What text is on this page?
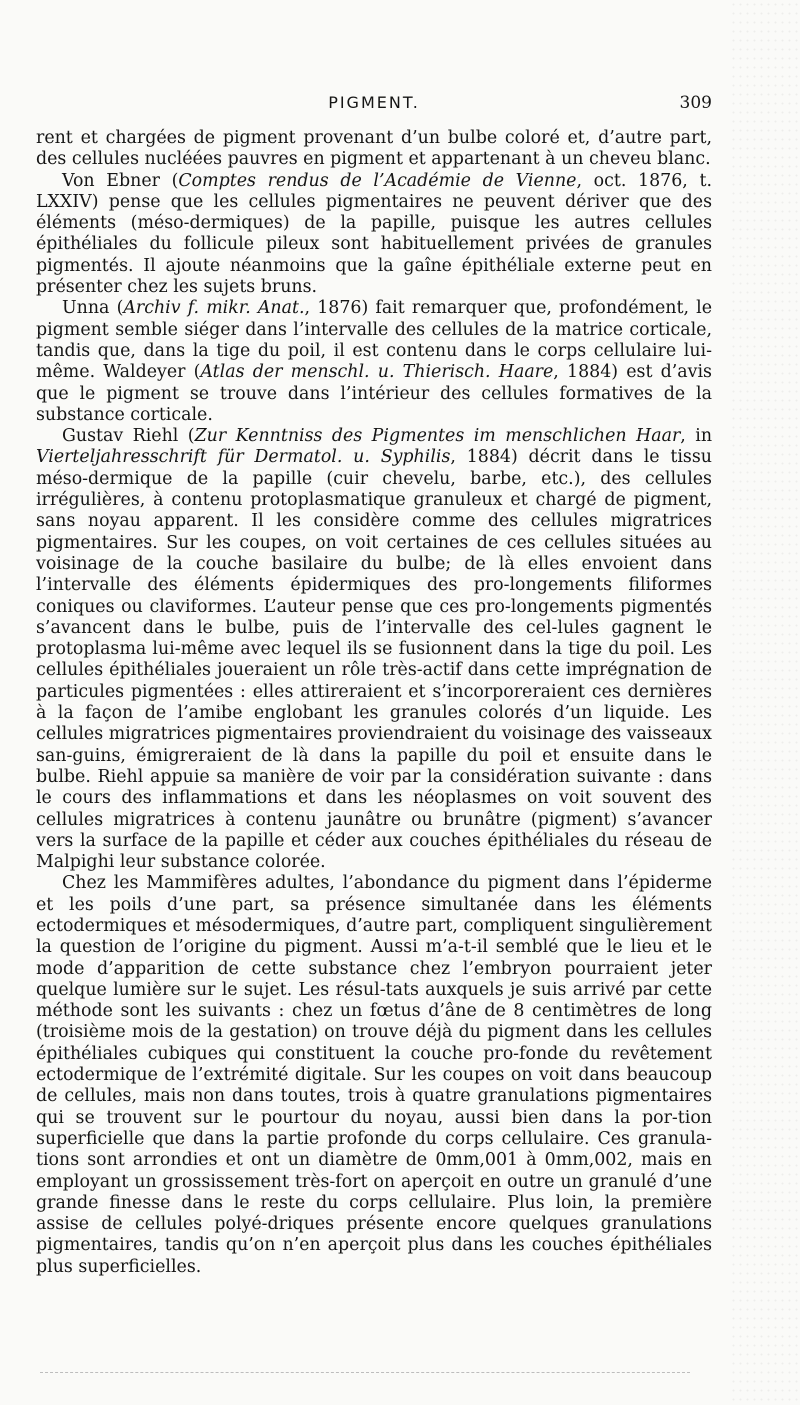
PIGMENT.	309

rent et chargées de pigment provenant d’un bulbe coloré et, d’autre part, des cellules nucléées pauvres en pigment et appartenant à un cheveu blanc.

Von Ebner (Comptes rendus de l’Académie de Vienne, oct. 1876, t. LXXIV) pense que les cellules pigmentaires ne peuvent dériver que des éléments (méso-dermiques) de la papille, puisque les autres cellules épithéliales du follicule pileux sont habituellement privées de granules pigmentés. Il ajoute néanmoins que la gaîne épithéliale externe peut en présenter chez les sujets bruns.

Unna (Archiv f. mikr. Anat., 1876) fait remarquer que, profondément, le pigment semble siéger dans l’intervalle des cellules de la matrice corticale, tandis que, dans la tige du poil, il est contenu dans le corps cellulaire lui-même. Waldeyer (Atlas der menschl. u. Thierisch. Haare, 1884) est d’avis que le pigment se trouve dans l’intérieur des cellules formatives de la substance corticale.

Gustav Riehl (Zur Kenntniss des Pigmentes im menschlichen Haar, in Vierteljahresschrift für Dermatol. u. Syphilis, 1884) décrit dans le tissu méso-dermique de la papille (cuir chevelu, barbe, etc.), des cellules irrégulières, à contenu protoplasmatique granuleux et chargé de pigment, sans noyau apparent. Il les considère comme des cellules migratrices pigmentaires. Sur les coupes, on voit certaines de ces cellules situées au voisinage de la couche basilaire du bulbe; de là elles envoient dans l’intervalle des éléments épidermiques des pro-longements filiformes coniques ou claviformes. L’auteur pense que ces pro-longements pigmentés s’avancent dans le bulbe, puis de l’intervalle des cel-lules gagnent le protoplasma lui-même avec lequel ils se fusionnent dans la tige du poil. Les cellules épithéliales joueraient un rôle très-actif dans cette imprégnation de particules pigmentées : elles attireraient et s’incorporeraient ces dernières à la façon de l’amibe englobant les granules colorés d’un liquide. Les cellules migratrices pigmentaires proviendraient du voisinage des vaisseaux san-guins, émigreraient de là dans la papille du poil et ensuite dans le bulbe. Riehl appuie sa manière de voir par la considération suivante : dans le cours des inflammations et dans les néoplasmes on voit souvent des cellules migratrices à contenu jaunâtre ou brunâtre (pigment) s’avancer vers la surface de la papille et céder aux couches épithéliales du réseau de Malpighi leur substance colorée.

Chez les Mammifères adultes, l’abondance du pigment dans l’épiderme et les poils d’une part, sa présence simultanée dans les éléments ectodermiques et mésodermiques, d’autre part, compliquent singulièrement la question de l’origine du pigment. Aussi m’a-t-il semblé que le lieu et le mode d’apparition de cette substance chez l’embryon pourraient jeter quelque lumière sur le sujet. Les résul-tats auxquels je suis arrivé par cette méthode sont les suivants : chez un fœtus d’âne de 8 centimètres de long (troisième mois de la gestation) on trouve déjà du pigment dans les cellules épithéliales cubiques qui constituent la couche pro-fonde du revêtement ectodermique de l’extrémité digitale. Sur les coupes on voit dans beaucoup de cellules, mais non dans toutes, trois à quatre granulations pigmentaires qui se trouvent sur le pourtour du noyau, aussi bien dans la por-tion superficielle que dans la partie profonde du corps cellulaire. Ces granula-tions sont arrondies et ont un diamètre de 0mm,001 à 0mm,002, mais en employant un grossissement très-fort on aperçoit en outre un granulé d’une grande finesse dans le reste du corps cellulaire. Plus loin, la première assise de cellules polyé-driques présente encore quelques granulations pigmentaires, tandis qu’on n’en aperçoit plus dans les couches épithéliales plus superficielles.
